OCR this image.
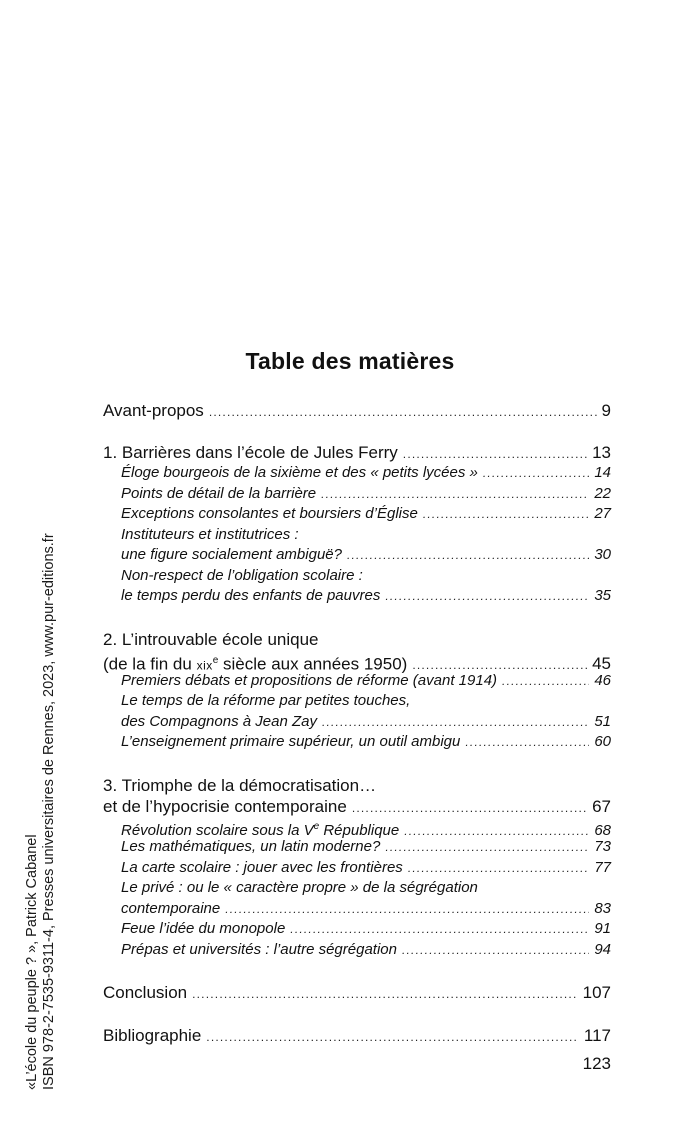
«L’école du peuple ? », Patrick Cabanel ISBN 978-2-7535-9311-4, Presses universitaires de Rennes, 2023, www.pur-editions.fr
Table des matières
Avant-propos .....	9
1. Barrières dans l’école de Jules Ferry .....	13
Éloge bourgeois de la sixième et des « petits lycées » .....	14
Points de détail de la barrière .....	22
Exceptions consolantes et boursiers d’Église .....	27
Instituteurs et institutrices :
une figure socialement ambiguë? .....	30
Non-respect de l’obligation scolaire :
le temps perdu des enfants de pauvres .....	35
2. L’introuvable école unique
(de la fin du xix$^e$ siècle aux années 1950) .....	45
Premiers débats et propositions de réforme (avant 1914) .....	46
Le temps de la réforme par petites touches,
des Compagnons à Jean Zay .....	51
L’enseignement primaire supérieur, un outil ambigu .....	60
3. Triomphe de la démocratisation…
et de l’hypocrisie contemporaine .....	67
Révolution scolaire sous la Ve République .....	68
Les mathématiques, un latin moderne? .....	73
La carte scolaire : jouer avec les frontières .....	77
Le privé : ou le « caractère propre » de la ségrégation
contemporaine .....	83
Feue l’idée du monopole .....	91
Prépas et universités : l’autre ségrégation .....	94
Conclusion .....	107
Bibliographie .....	117
123
